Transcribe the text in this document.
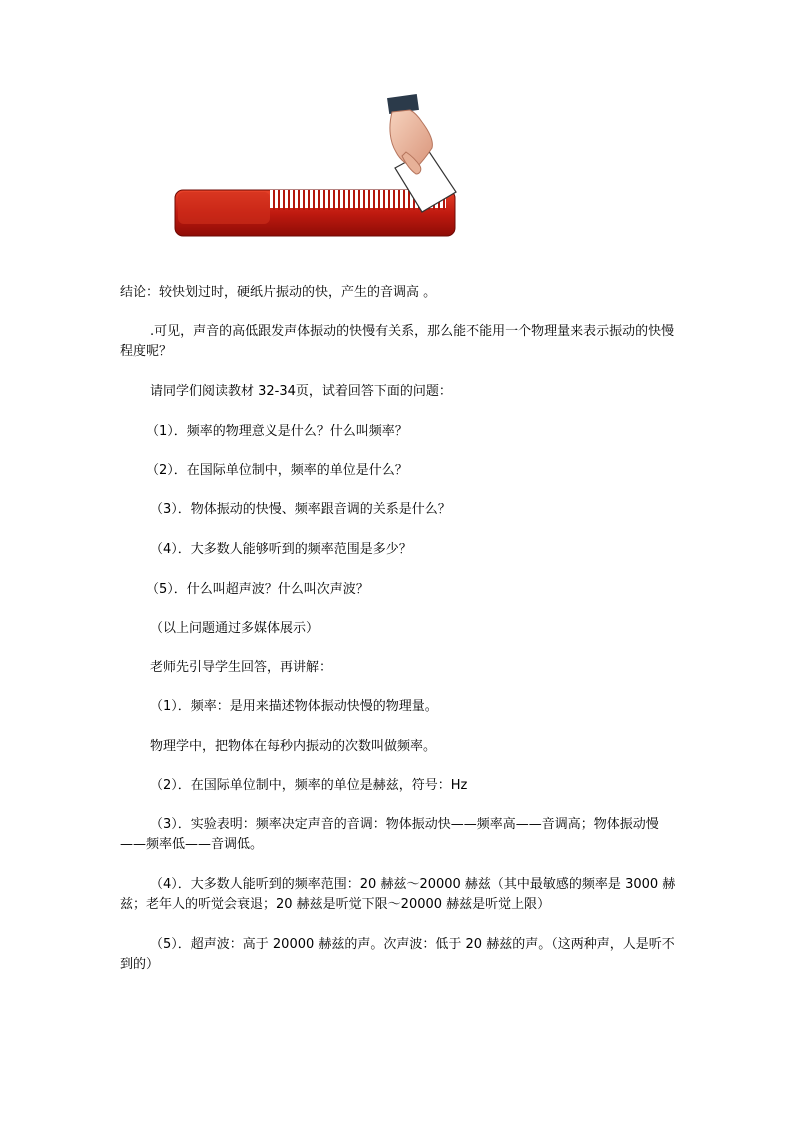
结论：较快划过时，硬纸片振动的快，产生的音调高 。
.可见，声音的高低跟发声体振动的快慢有关系，那么能不能用一个物理量来表示振动的快慢程度呢？
请同学们阅读教材 32-34页，试着回答下面的问题：
（1）．频率的物理意义是什么？什么叫频率？
（2）．在国际单位制中，频率的单位是什么？
（3）．物体振动的快慢、频率跟音调的关系是什么？
（4）．大多数人能够听到的频率范围是多少？
（5）．什么叫超声波？什么叫次声波？
（以上问题通过多媒体展示）
老师先引导学生回答，再讲解：
（1）．频率：是用来描述物体振动快慢的物理量。
物理学中，把物体在每秒内振动的次数叫做频率。
（2）．在国际单位制中，频率的单位是赫兹，符号：Hz
（3）．实验表明：频率决定声音的音调：物体振动快——频率高——音调高；物体振动慢——频率低——音调低。
（4）．大多数人能听到的频率范围：20 赫兹～20000 赫兹（其中最敏感的频率是 3000 赫兹；老年人的听觉会衰退；20 赫兹是听觉下限～20000 赫兹是听觉上限）
（5）．超声波：高于 20000 赫兹的声。次声波：低于 20 赫兹的声。（这两种声，人是听不到的）
